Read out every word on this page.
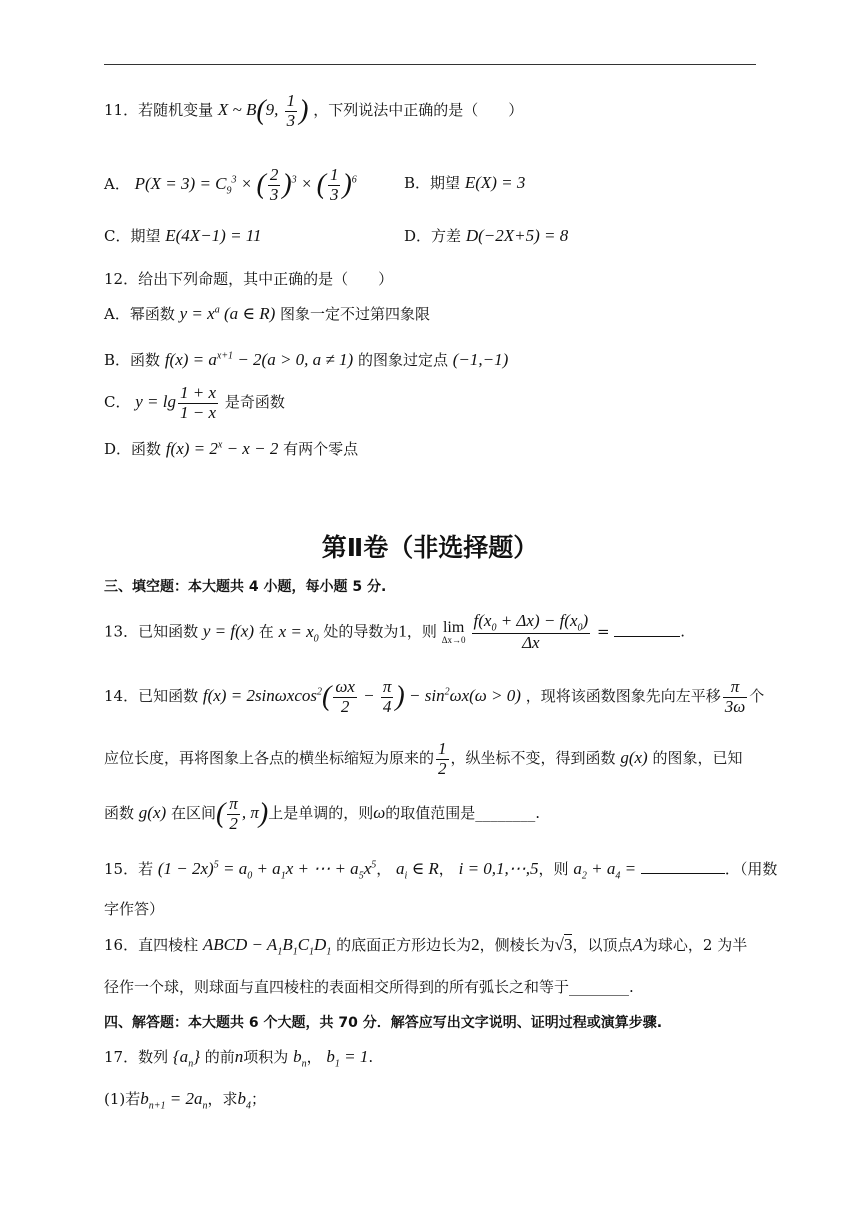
11．若随机变量 X ~ B(9, $\frac{1}{3}$ ) ，下列说法中正确的是（　　）
A． $P(X = 3) = C_9^3$ × ( $\frac{2}{3} )^3$ × ( $\frac{1}{3} )^6$	B．期望 E(X) = 3
C．期望 E(4X−1) = 11	D．方差 D(−2X+5) = 8
12．给出下列命题，其中正确的是（　　）
A．幂函数 $y = x^a$ (a ∈ R) 图象一定不过第四象限
B．函数 $f(x) = a^{x+1} - 2(a > 0$, a ≠ 1) 的图象过定点 (−1,−1)
C． $y = \lg \frac{1 + x}{1 - x}$ 是奇函数
D．函数 $f(x) = 2^x - x - 2$ 有两个零点
第Ⅱ卷（非选择题）
三、填空题：本大题共 4 小题，每小题 5 分.
13．已知函数 y = f(x) 在 $x = x_0$ 处的导数为1，则 lim
$\Delta x\to 0 \frac{f(x_0 + \Delta x) - f(x_0)}{\Delta x}$ =	.
14．已知函数 $f(x) = 2\sin\omega xcos^2( \frac{\omega x}{2} - \frac{\pi}{4}$ ) − $\sin^2\omega x(\omega > 0)$ ，现将该函数图象先向左平移 $\frac{\pi}{3\omega}$ 个
应位长度，再将图象上各点的横坐标缩短为原来的 $\frac{1}{2}$ ，纵坐标不变，得到函数 g(x) 的图象，已知
函数 g(x) 在区间( $\frac{\pi}{2}$ , π)上是单调的，则ω的取值范围是________.
15．若 $(1 - 2x)^5 = a_0 + a_1x$ + ⋯ + $a_5x^5$， $a_i$ ∈ R， i = 0,1,⋯,5，则 $a_2 + a_4$ =	．（用数
字作答）
16．直四棱柱 ABCD − $A_1B_1C_1D_1$ 的底面正方形边长为2，侧棱长为√3，以顶点A为球心，2 为半
径作一个球，则球面与直四棱柱的表面相交所得到的所有弧长之和等于________.
四、解答题：本大题共 6 个大题，共 70 分．解答应写出文字说明、证明过程或演算步骤.
17．数列 $\{a_n\}$ 的前n项积为 $b_n$， $b_1 = 1$.
(1)若$b_{n+1} = 2a_n$，求$b_4$；
